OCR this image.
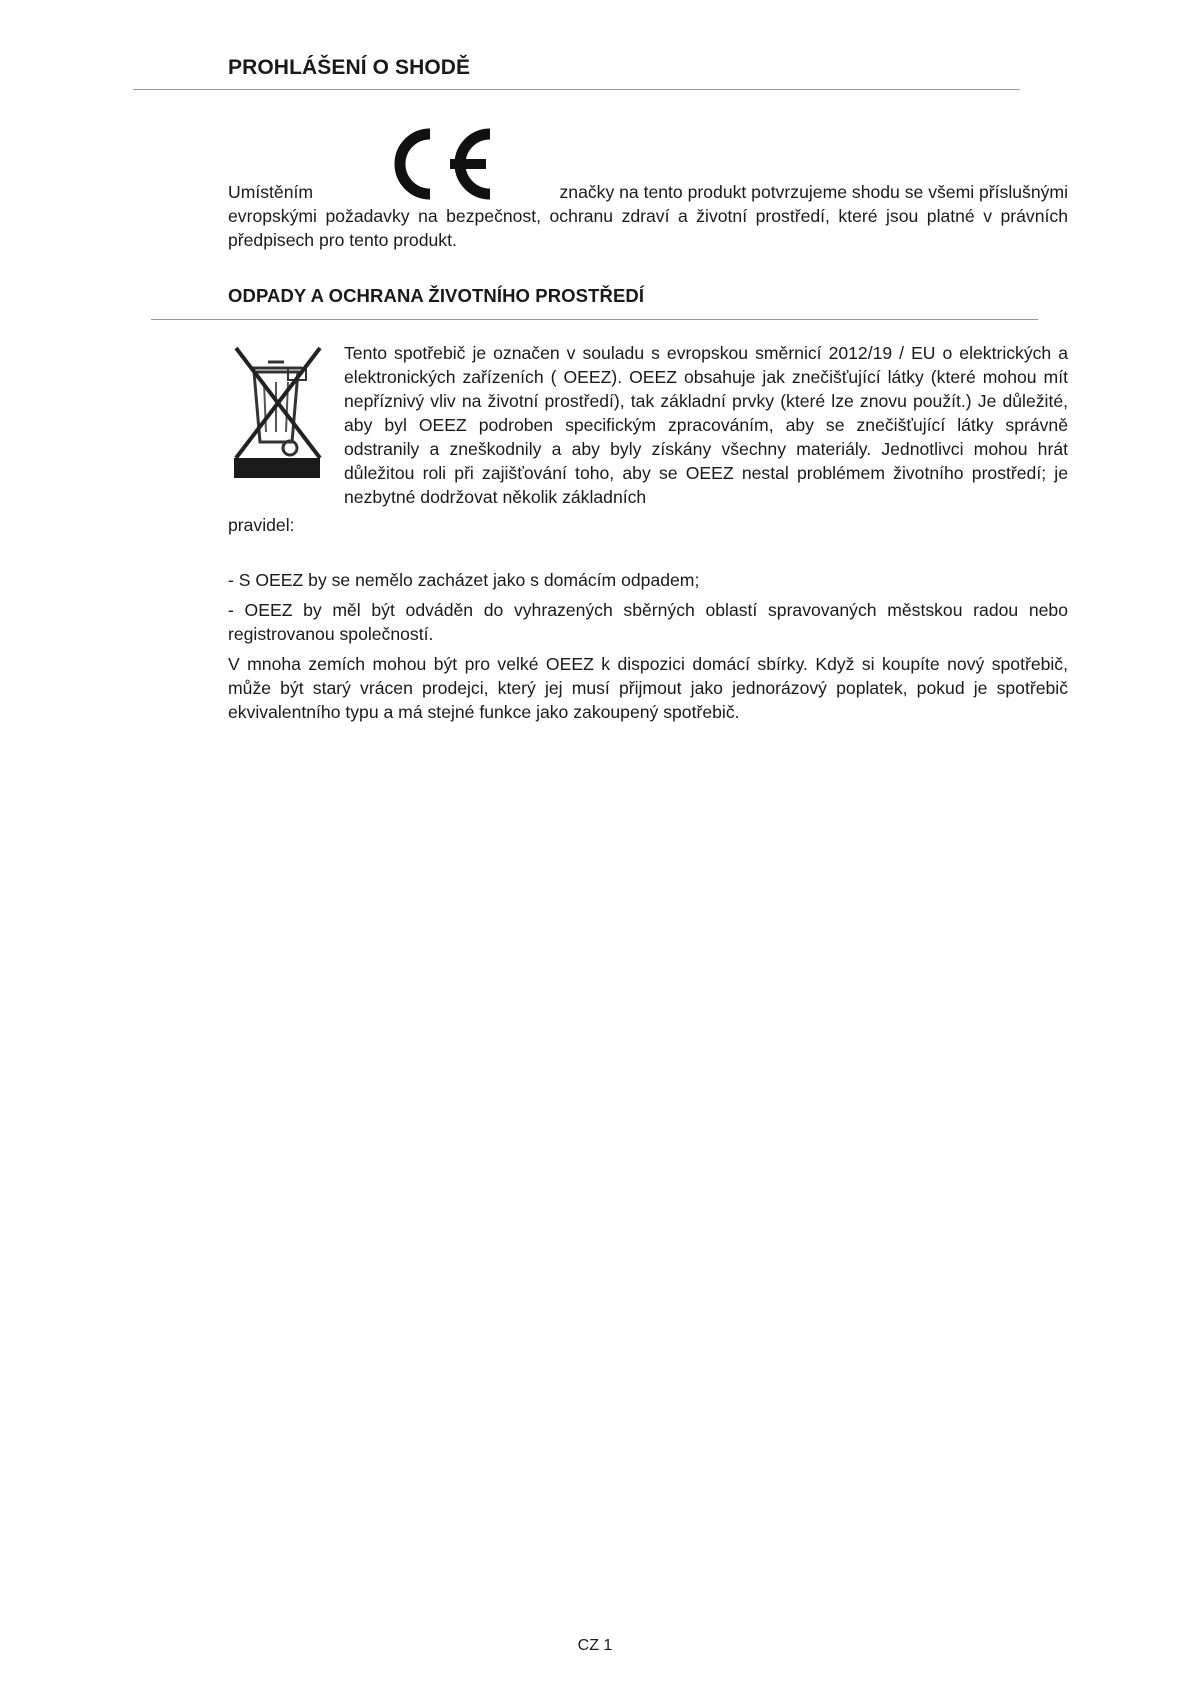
PROHLÁŠENÍ O SHODĚ
Umístěním	značky na tento produkt potvrzujeme shodu se všemi příslušnými
evropskými požadavky na bezpečnost, ochranu zdraví a životní prostředí, které jsou platné v právních předpisech pro tento produkt.
ODPADY A OCHRANA ŽIVOTNÍHO PROSTŘEDÍ
Tento spotřebič je označen v souladu s evropskou směrnicí 2012/19 / EU o elektrických a elektronických zařízeních ( OEEZ). OEEZ obsahuje jak znečišťující látky (které mohou mít nepříznivý vliv na životní prostředí), tak základní prvky (které lze znovu použít.) Je důležité, aby byl OEEZ podroben specifickým zpracováním, aby se znečišťující látky správně odstranily a zneškodnily a aby byly získány všechny materiály. Jednotlivci mohou hrát důležitou roli při zajišťování toho, aby se OEEZ nestal problémem životního prostředí; je nezbytné dodržovat několik základních
pravidel:

- S OEEZ by se nemělo zacházet jako s domácím odpadem;

- OEEZ by měl být odváděn do vyhrazených sběrných oblastí spravovaných městskou radou nebo registrovanou společností.

V mnoha zemích mohou být pro velké OEEZ k dispozici domácí sbírky. Když si koupíte nový spotřebič, může být starý vrácen prodejci, který jej musí přijmout jako jednorázový poplatek, pokud je spotřebič ekvivalentního typu a má stejné funkce jako zakoupený spotřebič.

CZ 1
